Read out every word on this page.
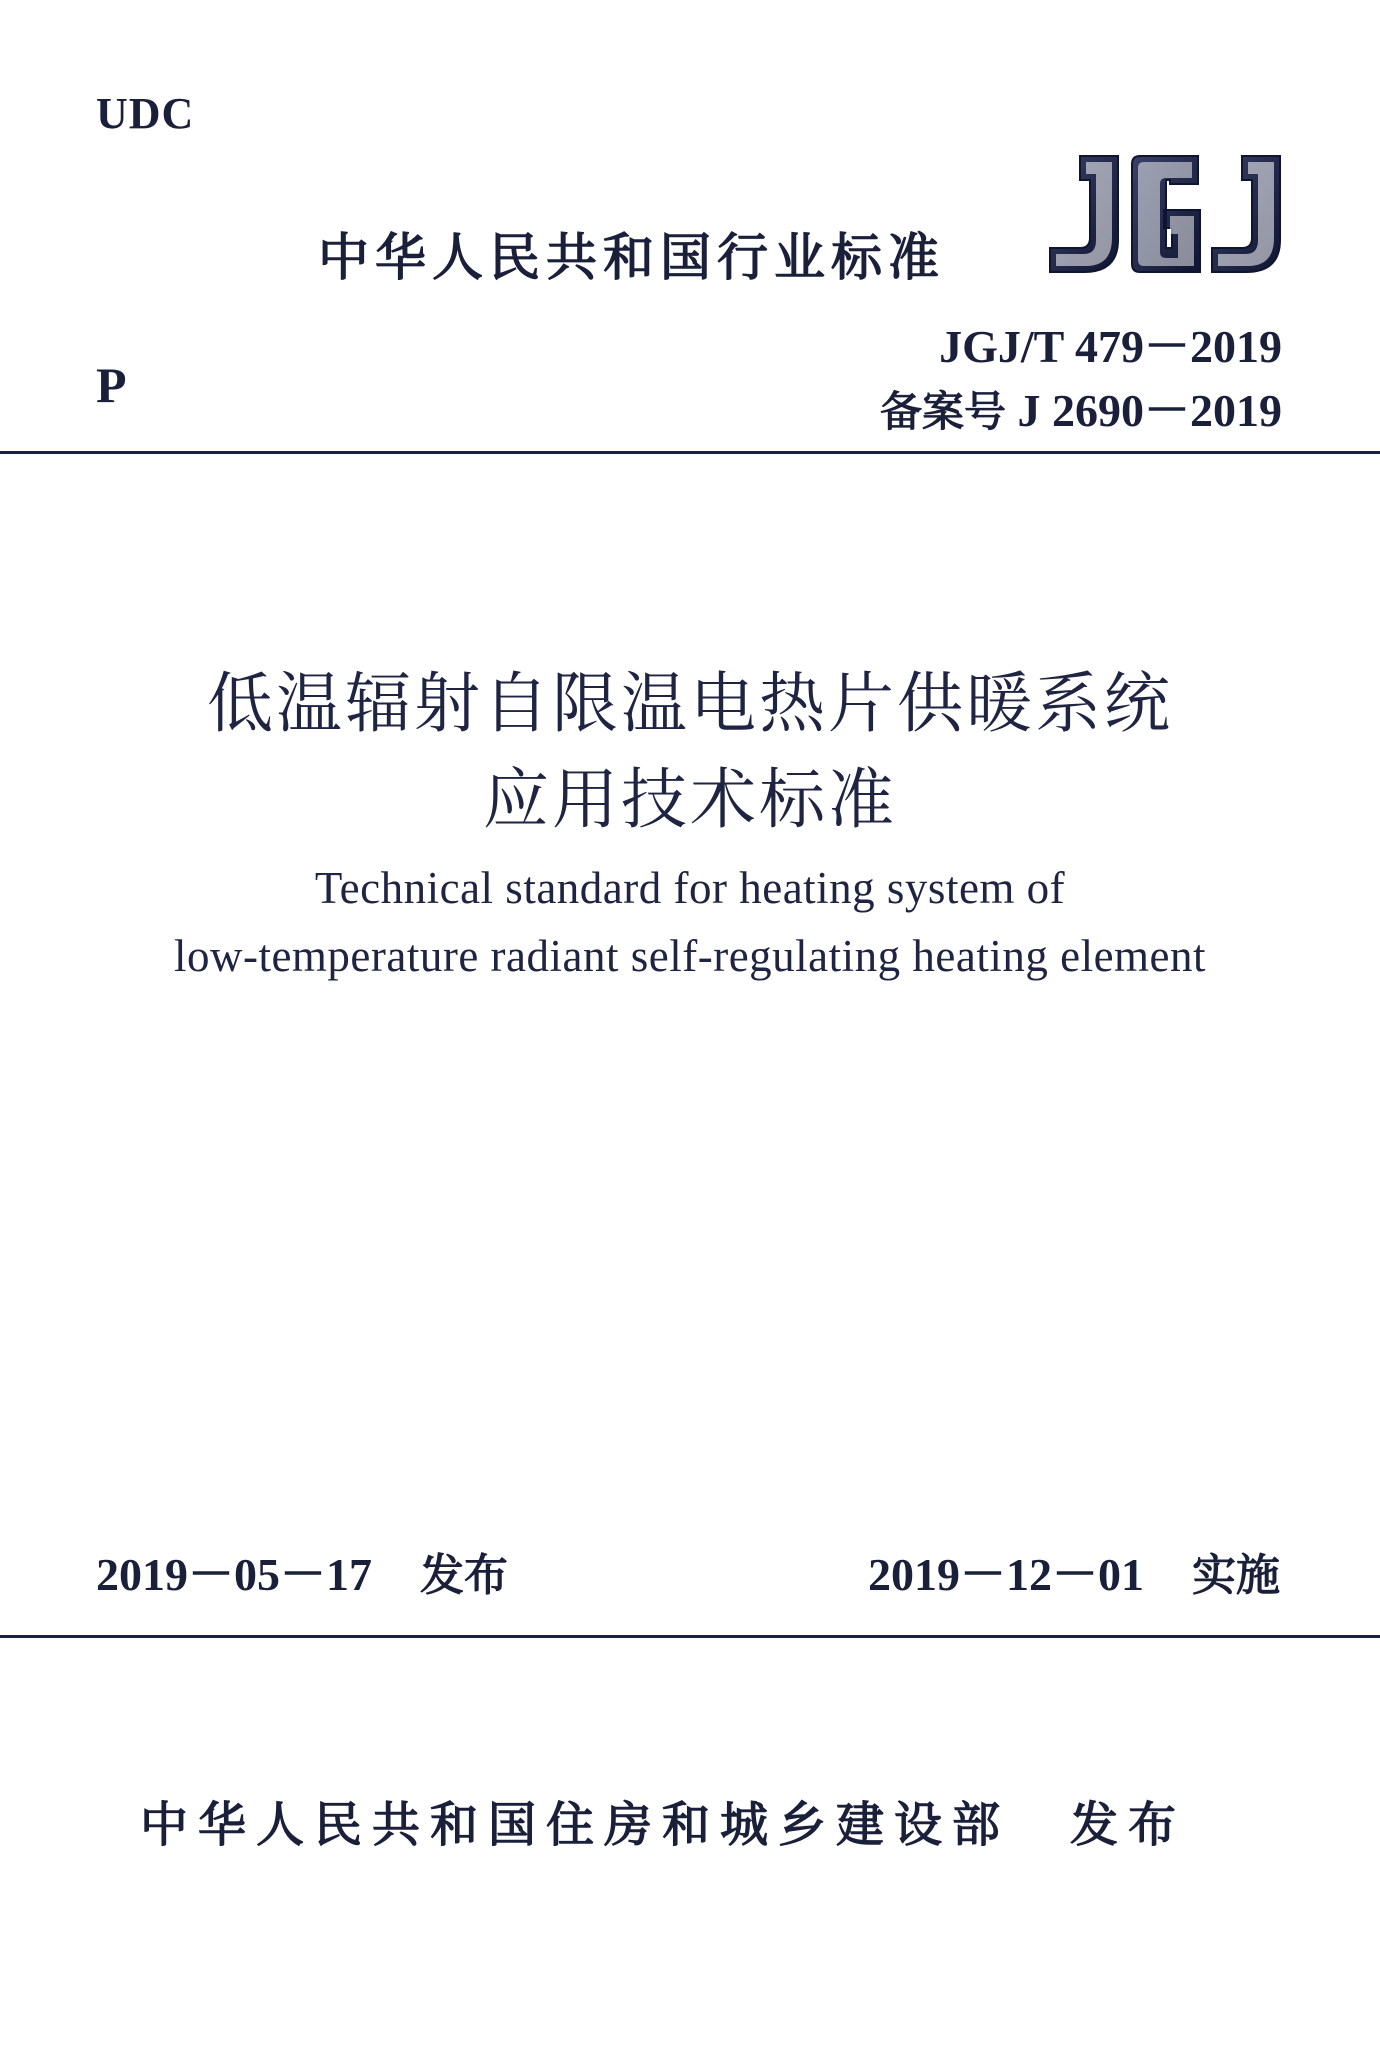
UDC
中华人民共和国行业标准
JGJ/T 479－2019
备案号 J 2690－2019
P
低温辐射自限温电热片供暖系统
应用技术标准
Technical standard for heating system of
low-temperature radiant self-regulating heating element
2019－05－17 发布	2019－12－01 实施
中华人民共和国住房和城乡建设部 发布
